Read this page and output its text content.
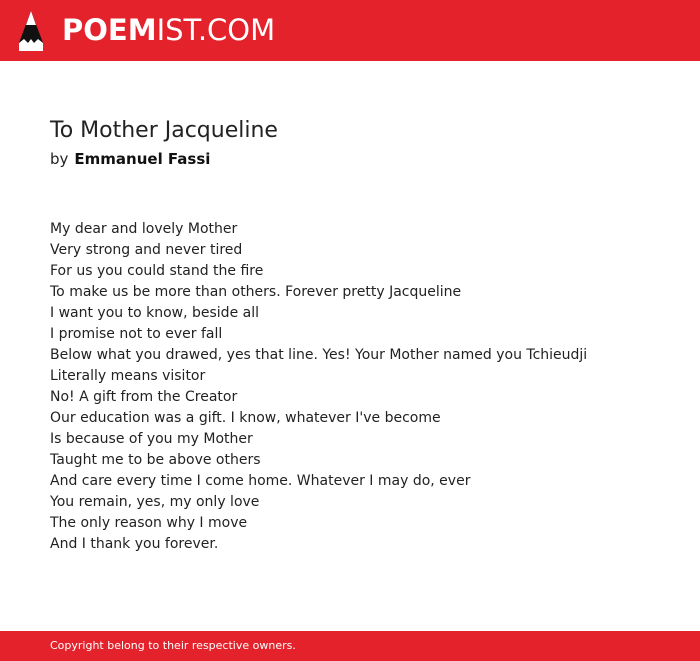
POEMIST.COM
To Mother Jacqueline
by Emmanuel Fassi
My dear and lovely Mother
Very strong and never tired
For us you could stand the fire
To make us be more than others. Forever pretty Jacqueline
I want you to know, beside all
I promise not to ever fall
Below what you drawed, yes that line. Yes! Your Mother named you Tchieudji
Literally means visitor
No! A gift from the Creator
Our education was a gift. I know, whatever I've become
Is because of you my Mother
Taught me to be above others
And care every time I come home. Whatever I may do, ever
You remain, yes, my only love
The only reason why I move
And I thank you forever.
Copyright belong to their respective owners.
